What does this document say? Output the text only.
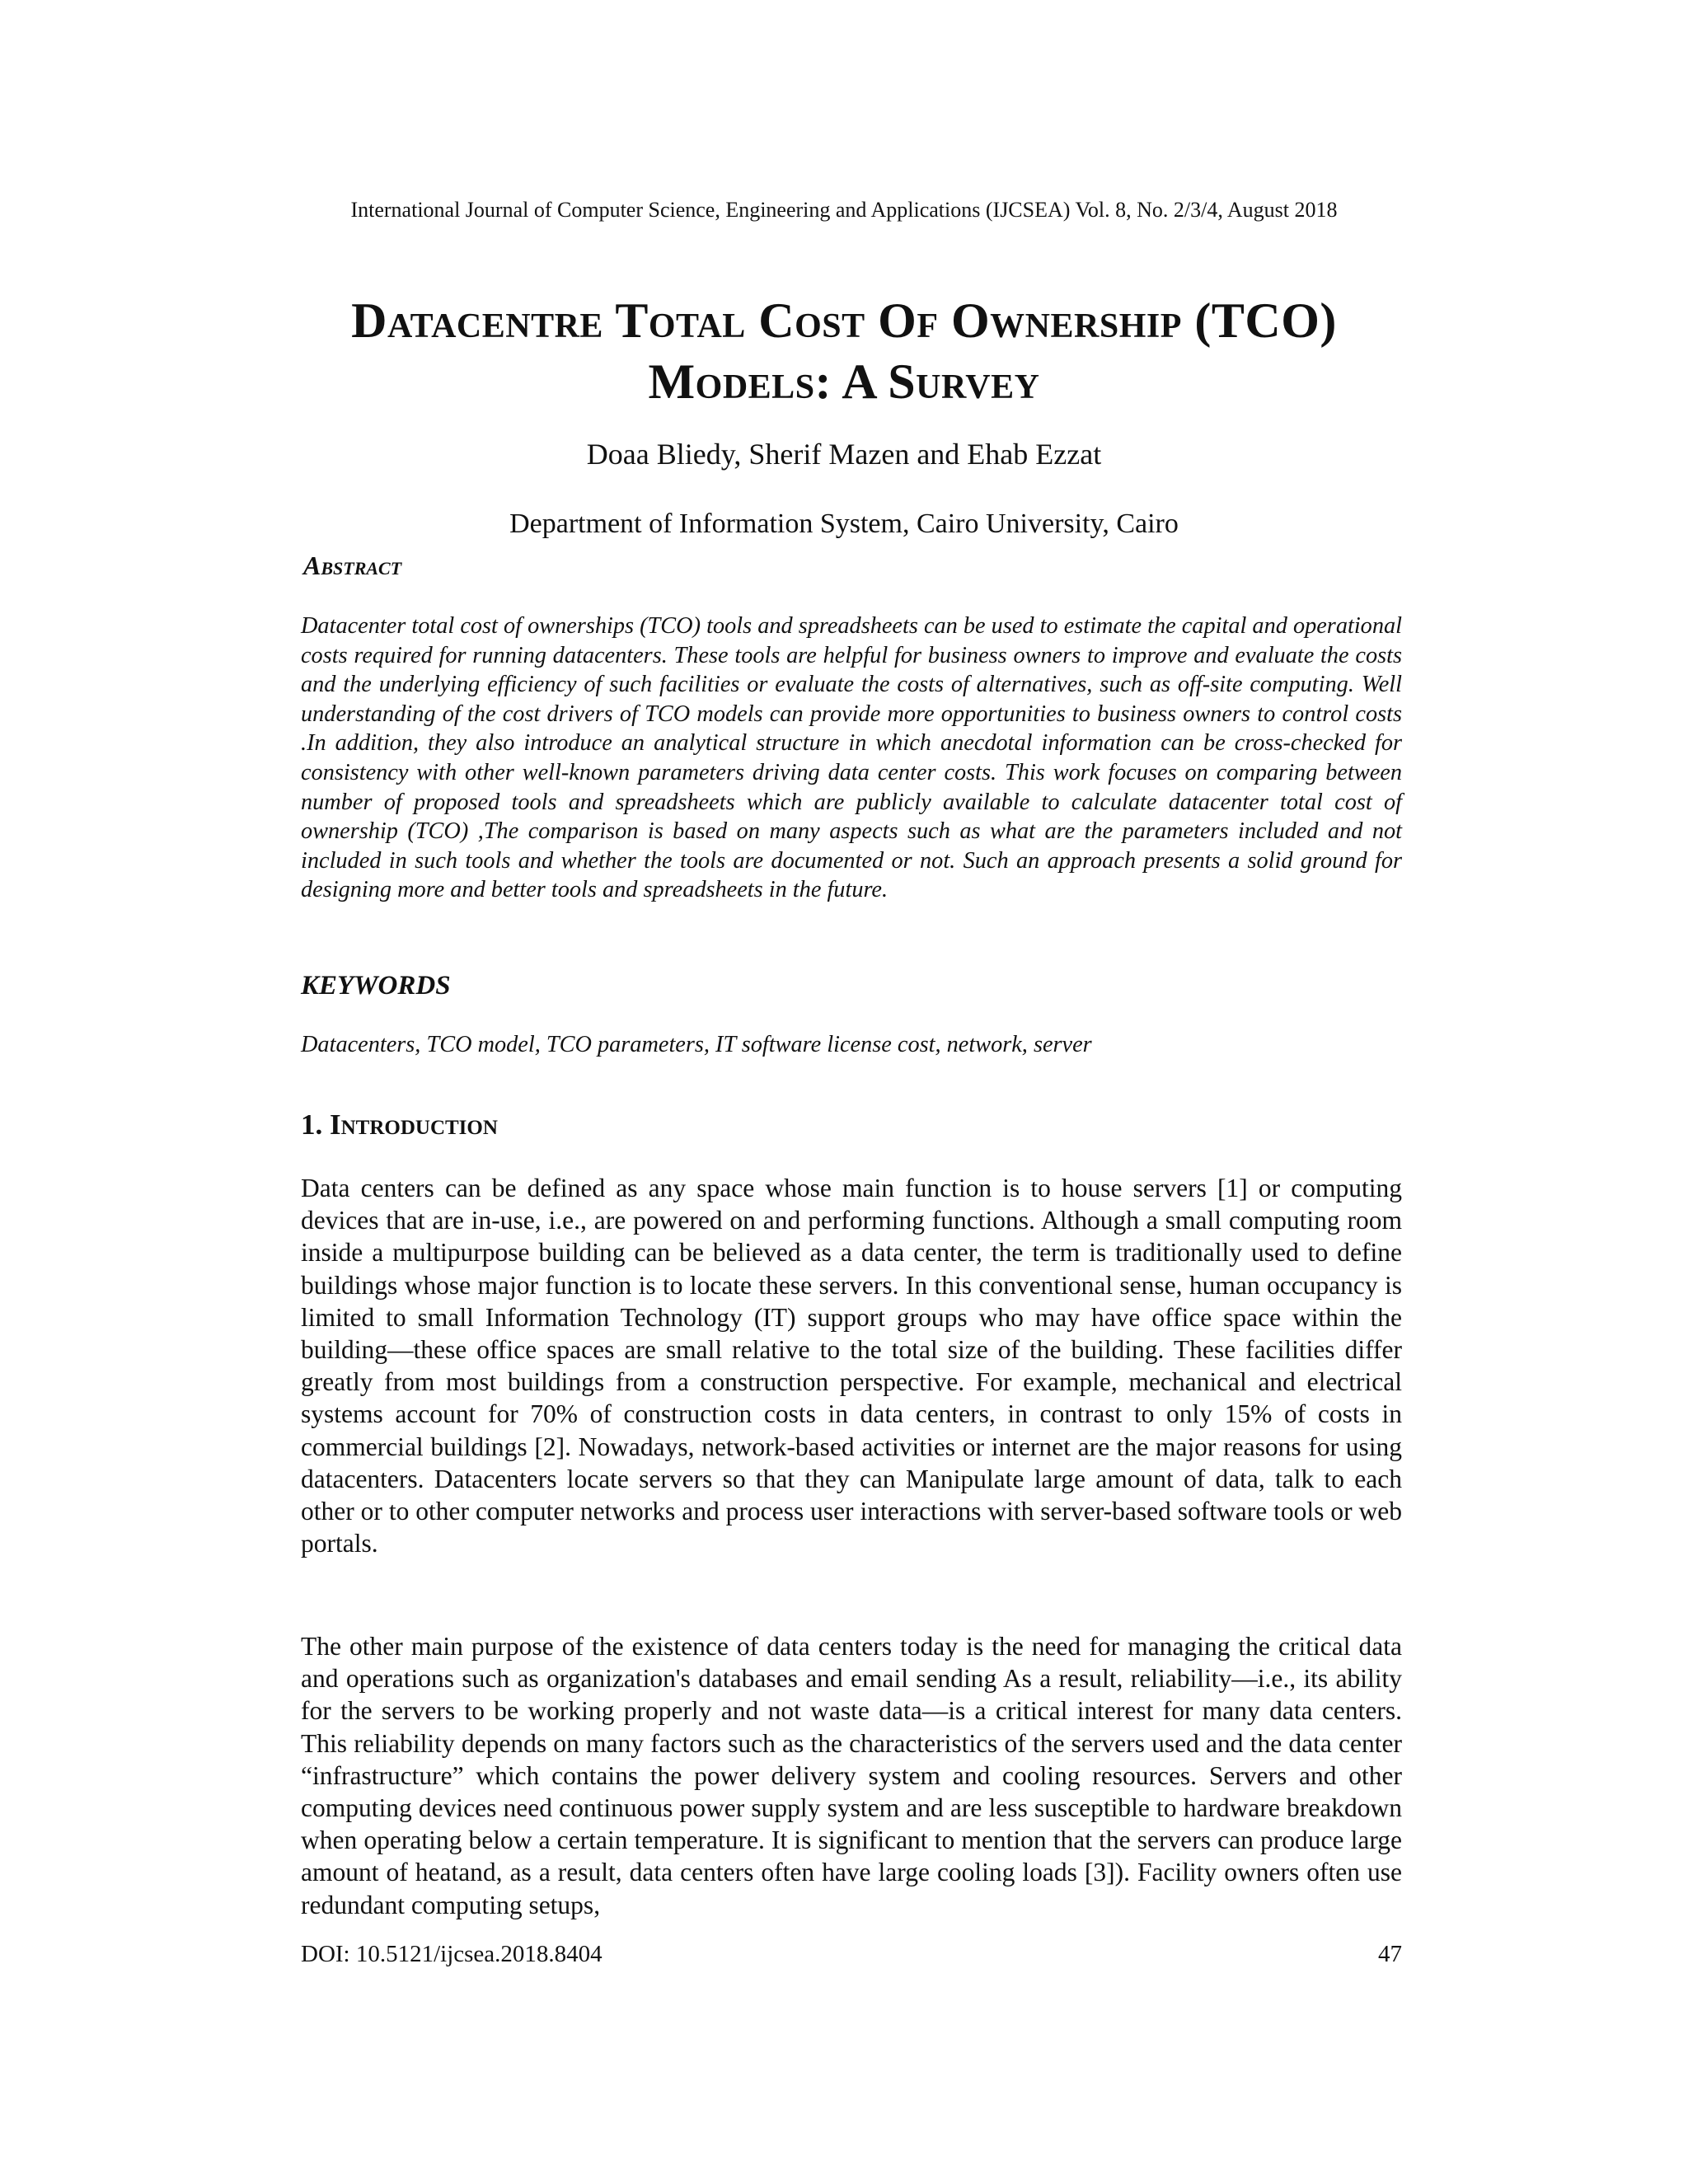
International Journal of Computer Science, Engineering and Applications (IJCSEA) Vol. 8, No. 2/3/4, August 2018
Datacentre Total Cost Of Ownership (TCO)
Models: A Survey
Doaa Bliedy, Sherif Mazen and Ehab Ezzat
Department of Information System, Cairo University, Cairo
Abstract
Datacenter total cost of ownerships (TCO) tools and spreadsheets can be used to estimate the capital and operational costs required for running datacenters. These tools are helpful for business owners to improve and evaluate the costs and the underlying efficiency of such facilities or evaluate the costs of alternatives, such as off-site computing. Well understanding of the cost drivers of TCO models can provide more opportunities to business owners to control costs .In addition, they also introduce an analytical structure in which anecdotal information can be cross-checked for consistency with other well-known parameters driving data center costs. This work focuses on comparing between number of proposed tools and spreadsheets which are publicly available to calculate datacenter total cost of ownership (TCO) ,The comparison is based on many aspects such as what are the parameters included and not included in such tools and whether the tools are documented or not. Such an approach presents a solid ground for designing more and better tools and spreadsheets in the future.
KEYWORDS
Datacenters, TCO model, TCO parameters, IT software license cost, network, server
1. Introduction

Data centers can be defined as any space whose main function is to house servers [1] or computing devices that are in-use, i.e., are powered on and performing functions. Although a small computing room inside a multipurpose building can be believed as a data center, the term is traditionally used to define buildings whose major function is to locate these servers. In this conventional sense, human occupancy is limited to small Information Technology (IT) support groups who may have office space within the building—these office spaces are small relative to the total size of the building. These facilities differ greatly from most buildings from a construction perspective. For example, mechanical and electrical systems account for 70% of construction costs in data centers, in contrast to only 15% of costs in commercial buildings [2]. Nowadays, network-based activities or internet are the major reasons for using datacenters. Datacenters locate servers so that they can Manipulate large amount of data, talk to each other or to other computer networks and process user interactions with server-based software tools or web portals.

The other main purpose of the existence of data centers today is the need for managing the critical data and operations such as organization's databases and email sending As a result, reliability—i.e., its ability for the servers to be working properly and not waste data—is a critical interest for many data centers. This reliability depends on many factors such as the characteristics of the servers used and the data center “infrastructure” which contains the power delivery system and cooling resources. Servers and other computing devices need continuous power supply system and are less susceptible to hardware breakdown when operating below a certain temperature. It is significant to mention that the servers can produce large amount of heatand, as a result, data centers often have large cooling loads [3]). Facility owners often use redundant computing setups,

DOI: 10.5121/ijcsea.2018.8404	47
